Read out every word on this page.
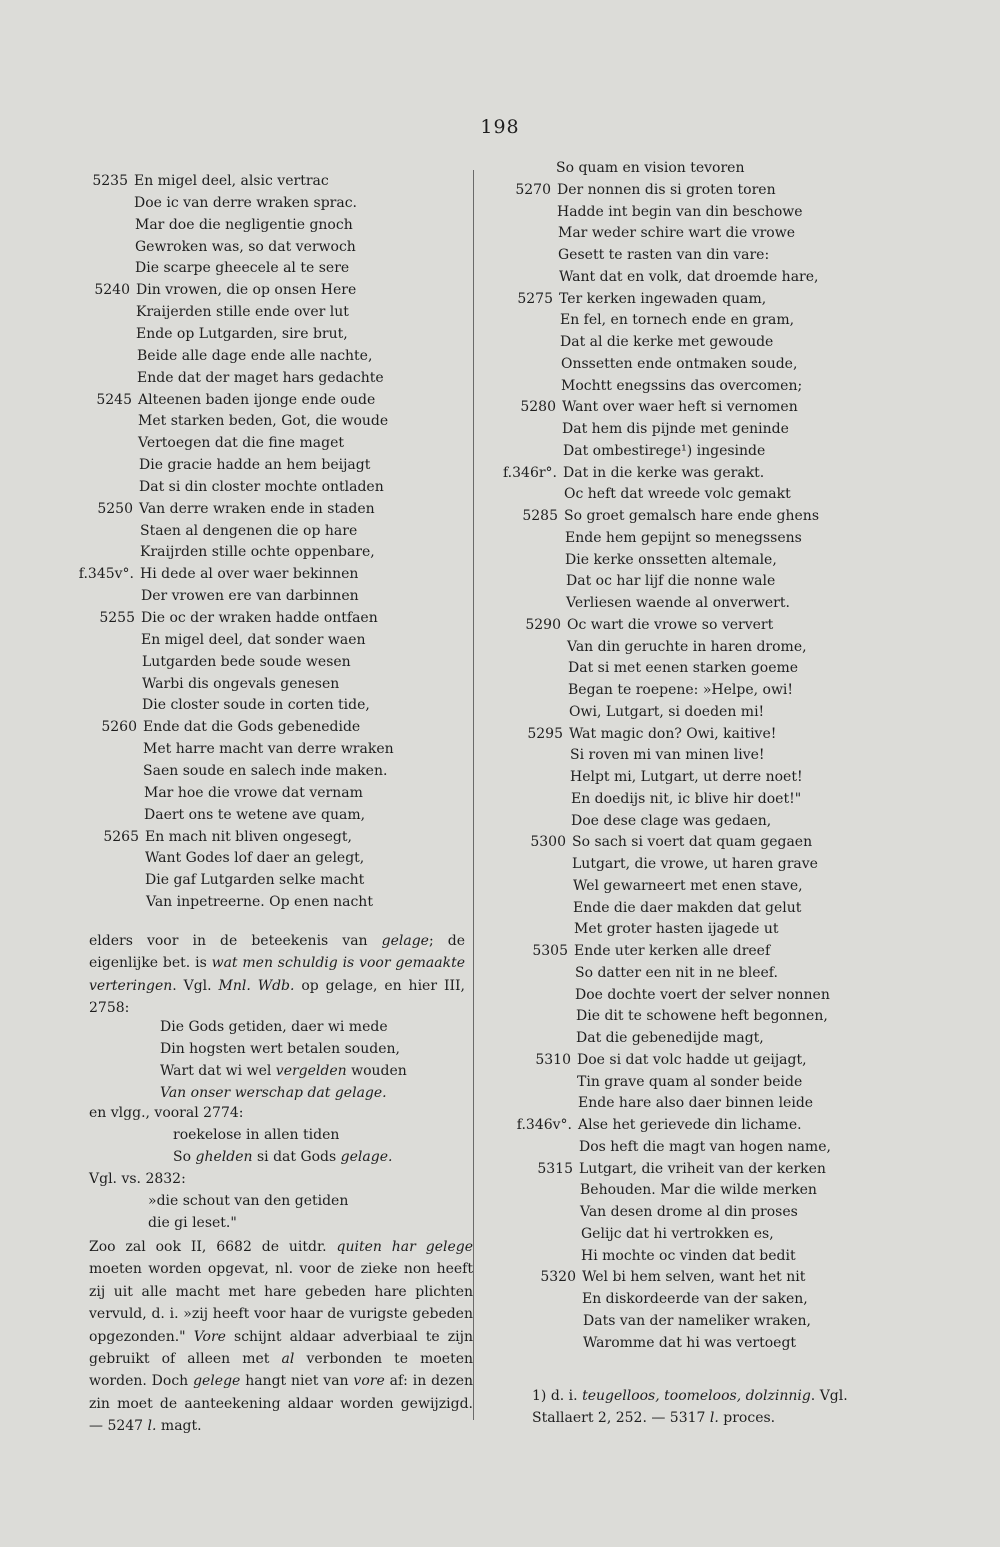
198
5235 En migel deel, alsic vertrac
Doe ic van derre wraken sprac.
Mar doe die negligentie gnoch
Gewroken was, so dat verwoch
Die scarpe gheecele al te sere
5240 Din vrowen, die op onsen Here
Kraijerden stille ende over lut
Ende op Lutgarden, sire brut,
Beide alle dage ende alle nachte,
Ende dat der maget hars gedachte
5245 Alteenen baden ijonge ende oude
Met starken beden, Got, die woude
Vertoegen dat die fine maget
Die gracie hadde an hem beijagt
Dat si din closter mochte ontladen
5250 Van derre wraken ende in staden
Staen al dengenen die op hare
Kraijrden stille ochte oppenbare,
f.345v°. Hi dede al over waer bekinnen
Der vrowen ere van darbinnen
5255 Die oc der wraken hadde ontfaen
En migel deel, dat sonder waen
Lutgarden bede soude wesen
Warbi dis ongevals genesen
Die closter soude in corten tide,
5260 Ende dat die Gods gebenedide
Met harre macht van derre wraken
Saen soude en salech inde maken.
Mar hoe die vrowe dat vernam
Daert ons te wetene ave quam,
5265 En mach nit bliven ongesegt,
Want Godes lof daer an gelegt,
Die gaf Lutgarden selke macht
Van inpetreerne. Op enen nacht
So quam en vision tevoren
5270 Der nonnen dis si groten toren
Hadde int begin van din beschowe
Mar weder schire wart die vrowe
Gesett te rasten van din vare:
Want dat en volk, dat droemde hare,
5275 Ter kerken ingewaden quam,
En fel, en tornech ende en gram,
Dat al die kerke met gewoude
Onssetten ende ontmaken soude,
Mochtt enegssins das overcomen;
5280 Want over waer heft si vernomen
Dat hem dis pijnde met geninde
Dat ombestirege¹) ingesinde
f.346r°. Dat in die kerke was gerakt.
Oc heft dat wreede volc gemakt
5285 So groet gemalsch hare ende ghens
Ende hem gepijnt so menegssens
Die kerke onssetten altemale,
Dat oc har lijf die nonne wale
Verliesen waende al onverwert.
5290 Oc wart die vrowe so ververt
Van din geruchte in haren drome,
Dat si met eenen starken goeme
Began te roepene: »Helpe, owi!
Owi, Lutgart, si doeden mi!
5295 Wat magic don? Owi, kaitive!
Si roven mi van minen live!
Helpt mi, Lutgart, ut derre noet!
En doedijs nit, ic blive hir doet!"
Doe dese clage was gedaen,
5300 So sach si voert dat quam gegaen
Lutgart, die vrowe, ut haren grave
Wel gewarneert met enen stave,
Ende die daer makden dat gelut
Met groter hasten ijagede ut
5305 Ende uter kerken alle dreef
So datter een nit in ne bleef.
Doe dochte voert der selver nonnen
Die dit te schowene heft begonnen,
Dat die gebenedijde magt,
5310 Doe si dat volc hadde ut geijagt,
Tin grave quam al sonder beide
Ende hare also daer binnen leide
f.346v°. Alse het gerievede din lichame.
Dos heft die magt van hogen name,
5315 Lutgart, die vriheit van der kerken
Behouden. Mar die wilde merken
Van desen drome al din proses
Gelijc dat hi vertrokken es,
Hi mochte oc vinden dat bedit
5320 Wel bi hem selven, want het nit
En diskordeerde van der saken,
Dats van der nameliker wraken,
Waromme dat hi was vertoegt
elders voor in de beteekenis van gelage; de eigenlijke bet. is wat men schuldig is voor gemaakte verteringen. Vgl. Mnl. Wdb. op gelage, en hier III, 2758:
Die Gods getiden, daer wi mede
Din hogsten wert betalen souden,
Wart dat wi wel vergelden wouden
Van onser werschap dat gelage.
en vlgg., vooral 2774:
roekelose in allen tiden
So ghelden si dat Gods gelage.
Vgl. vs. 2832:
»die schout van den getiden
die gi leset."
Zoo zal ook II, 6682 de uitdr. quiten har gelege moeten worden opgevat, nl. voor de zieke non heeft zij uit alle macht met hare gebeden hare plichten vervuld, d. i. »zij heeft voor haar de vurigste gebeden opgezonden." Vore schijnt aldaar adverbiaal te zijn gebruikt of alleen met al verbonden te moeten worden. Doch gelege hangt niet van vore af: in dezen zin moet de aanteekening aldaar worden gewijzigd. — 5247 l. magt.
1) d. i. teugelloos, toomeloos, dolzinnig. Vgl. Stallaert 2, 252. — 5317 l. proces.
